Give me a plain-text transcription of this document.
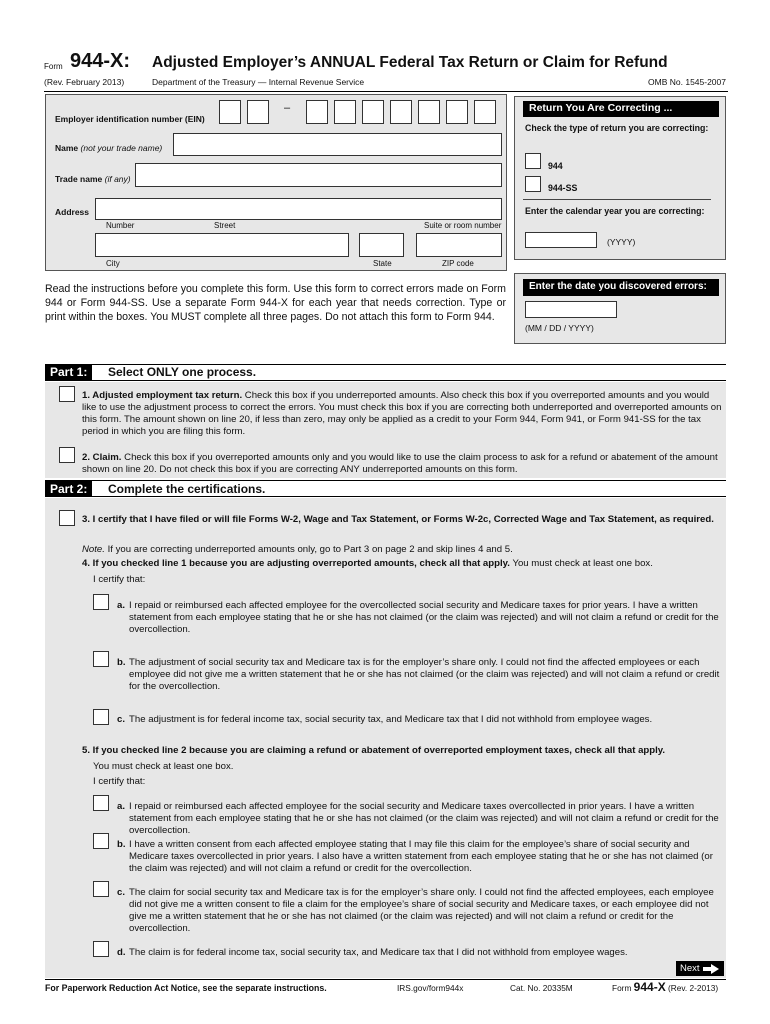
Form 944-X: Adjusted Employer’s ANNUAL Federal Tax Return or Claim for Refund
(Rev. February 2013)	Department of the Treasury — Internal Revenue Service	OMB No. 1545-2007
Employer identification number (EIN)
–
Name (not your trade name)
Trade name (if any)
Address
Number	Street	Suite or room number
City	State	ZIP code
Return You Are Correcting ...
Check the type of return you are correcting:
944
944-SS
Enter the calendar year you are correcting:
(YYYY)
Enter the date you discovered errors:
(MM / DD / YYYY)
Read the instructions before you complete this form. Use this form to correct errors made on Form 944 or Form 944-SS. Use a separate Form 944-X for each year that needs correction. Type or print within the boxes. You MUST complete all three pages. Do not attach this form to Form 944.
Part 1:	Select ONLY one process.
1. Adjusted employment tax return. Check this box if you underreported amounts. Also check this box if you overreported amounts and you would like to use the adjustment process to correct the errors. You must check this box if you are correcting both underreported and overreported amounts on this form. The amount shown on line 20, if less than zero, may only be applied as a credit to your Form 944, Form 941, or Form 941-SS for the tax period in which you are filing this form.
2. Claim. Check this box if you overreported amounts only and you would like to use the claim process to ask for a refund or abatement of the amount shown on line 20. Do not check this box if you are correcting ANY underreported amounts on this form.
Part 2:	Complete the certifications.
3. I certify that I have filed or will file Forms W-2, Wage and Tax Statement, or Forms W-2c, Corrected Wage and Tax Statement, as required.
Note. If you are correcting underreported amounts only, go to Part 3 on page 2 and skip lines 4 and 5.
4. If you checked line 1 because you are adjusting overreported amounts, check all that apply. You must check at least one box.
I certify that:
a. I repaid or reimbursed each affected employee for the overcollected social security and Medicare taxes for prior years. I have a written statement from each employee stating that he or she has not claimed (or the claim was rejected) and will not claim a refund or credit for the overcollection.
b. The adjustment of social security tax and Medicare tax is for the employer’s share only. I could not find the affected employees or each employee did not give me a written statement that he or she has not claimed (or the claim was rejected) and will not claim a refund or credit for the overcollection.
c. The adjustment is for federal income tax, social security tax, and Medicare tax that I did not withhold from employee wages.
5. If you checked line 2 because you are claiming a refund or abatement of overreported employment taxes, check all that apply.
You must check at least one box.
I certify that:
a. I repaid or reimbursed each affected employee for the social security and Medicare taxes overcollected in prior years. I have a written statement from each employee stating that he or she has not claimed (or the claim was rejected) and will not claim a refund or credit for the overcollection.
b. I have a written consent from each affected employee stating that I may file this claim for the employee’s share of social security and Medicare taxes overcollected in prior years. I also have a written statement from each employee stating that he or she has not claimed (or the claim was rejected) and will not claim a refund or credit for the overcollection.
c. The claim for social security tax and Medicare tax is for the employer’s share only. I could not find the affected employees, each employee did not give me a written consent to file a claim for the employee’s share of social security and Medicare taxes, or each employee did not give me a written statement that he or she has not claimed (or the claim was rejected) and will not claim a refund or credit for the overcollection.
d. The claim is for federal income tax, social security tax, and Medicare tax that I did not withhold from employee wages.
Next
For Paperwork Reduction Act Notice, see the separate instructions.	IRS.gov/form944x	Cat. No. 20335M	Form 944-X (Rev. 2-2013)
